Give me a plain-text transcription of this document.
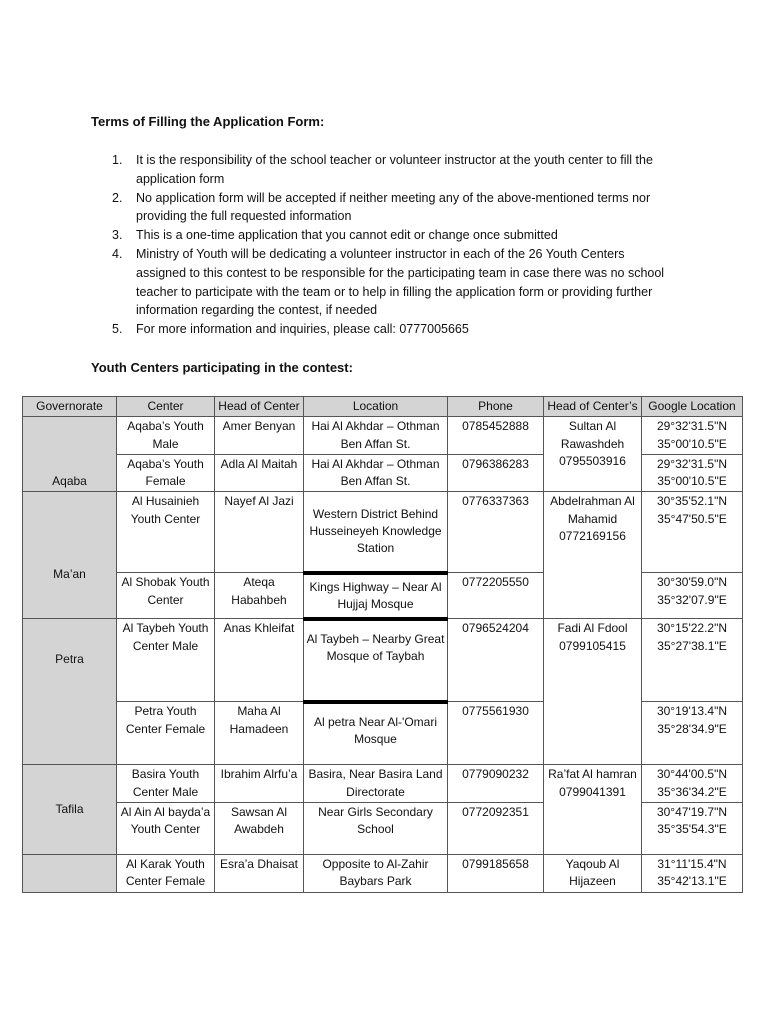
Terms of Filling the Application Form:
1. It is the responsibility of the school teacher or volunteer instructor at the youth center to fill the application form
2. No application form will be accepted if neither meeting any of the above-mentioned terms nor providing the full requested information
3. This is a one-time application that you cannot edit or change once submitted
4. Ministry of Youth will be dedicating a volunteer instructor in each of the 26 Youth Centers assigned to this contest to be responsible for the participating team in case there was no school teacher to participate with the team or to help in filling the application form or providing further information regarding the contest, if needed
5. For more information and inquiries, please call: 0777005665
Youth Centers participating in the contest:
Governorate	Center	Head of Center	Location	Phone	Head of Center’s	Google Location
Aqaba	Aqaba’s Youth Male	Amer Benyan	Hai Al Akhdar – Othman Ben Affan St.	0785452888	Sultan Al Rawashdeh 0795503916	29°32'31.5"N 35°00'10.5"E
	Aqaba’s Youth Female	Adla Al Maitah	Hai Al Akhdar – Othman Ben Affan St.	0796386283		29°32'31.5"N 35°00'10.5"E
Ma’an	Al Husainieh Youth Center	Nayef Al Jazi	Western District Behind Husseineyeh Knowledge Station	0776337363	Abdelrahman Al Mahamid 0772169156	30°35'52.1"N 35°47'50.5"E
	Al Shobak Youth Center	Ateqa Habahbeh	Kings Highway – Near Al Hujjaj Mosque	0772205550		30°30'59.0"N 35°32'07.9"E
Petra	Al Taybeh Youth Center Male	Anas Khleifat	Al Taybeh – Nearby Great Mosque of Taybah	0796524204	Fadi Al Fdool 0799105415	30°15'22.2"N 35°27'38.1"E
	Petra Youth Center Female	Maha Al Hamadeen	Al petra Near Al-'Omari Mosque	0775561930		30°19'13.4"N 35°28'34.9"E
Tafila	Basira Youth Center Male	Ibrahim Alrfu’a	Basira, Near Basira Land Directorate	0779090232	Ra’fat Al hamran 0799041391	30°44'00.5"N 35°36'34.2"E
	Al Ain Al bayda’a Youth Center	Sawsan Al Awabdeh	Near Girls Secondary School	0772092351		30°47'19.7"N 35°35'54.3"E
	Al Karak Youth Center Female	Esra’a Dhaisat	Opposite to Al-Zahir Baybars Park	0799185658	Yaqoub Al Hijazeen	31°11'15.4"N 35°42'13.1"E
